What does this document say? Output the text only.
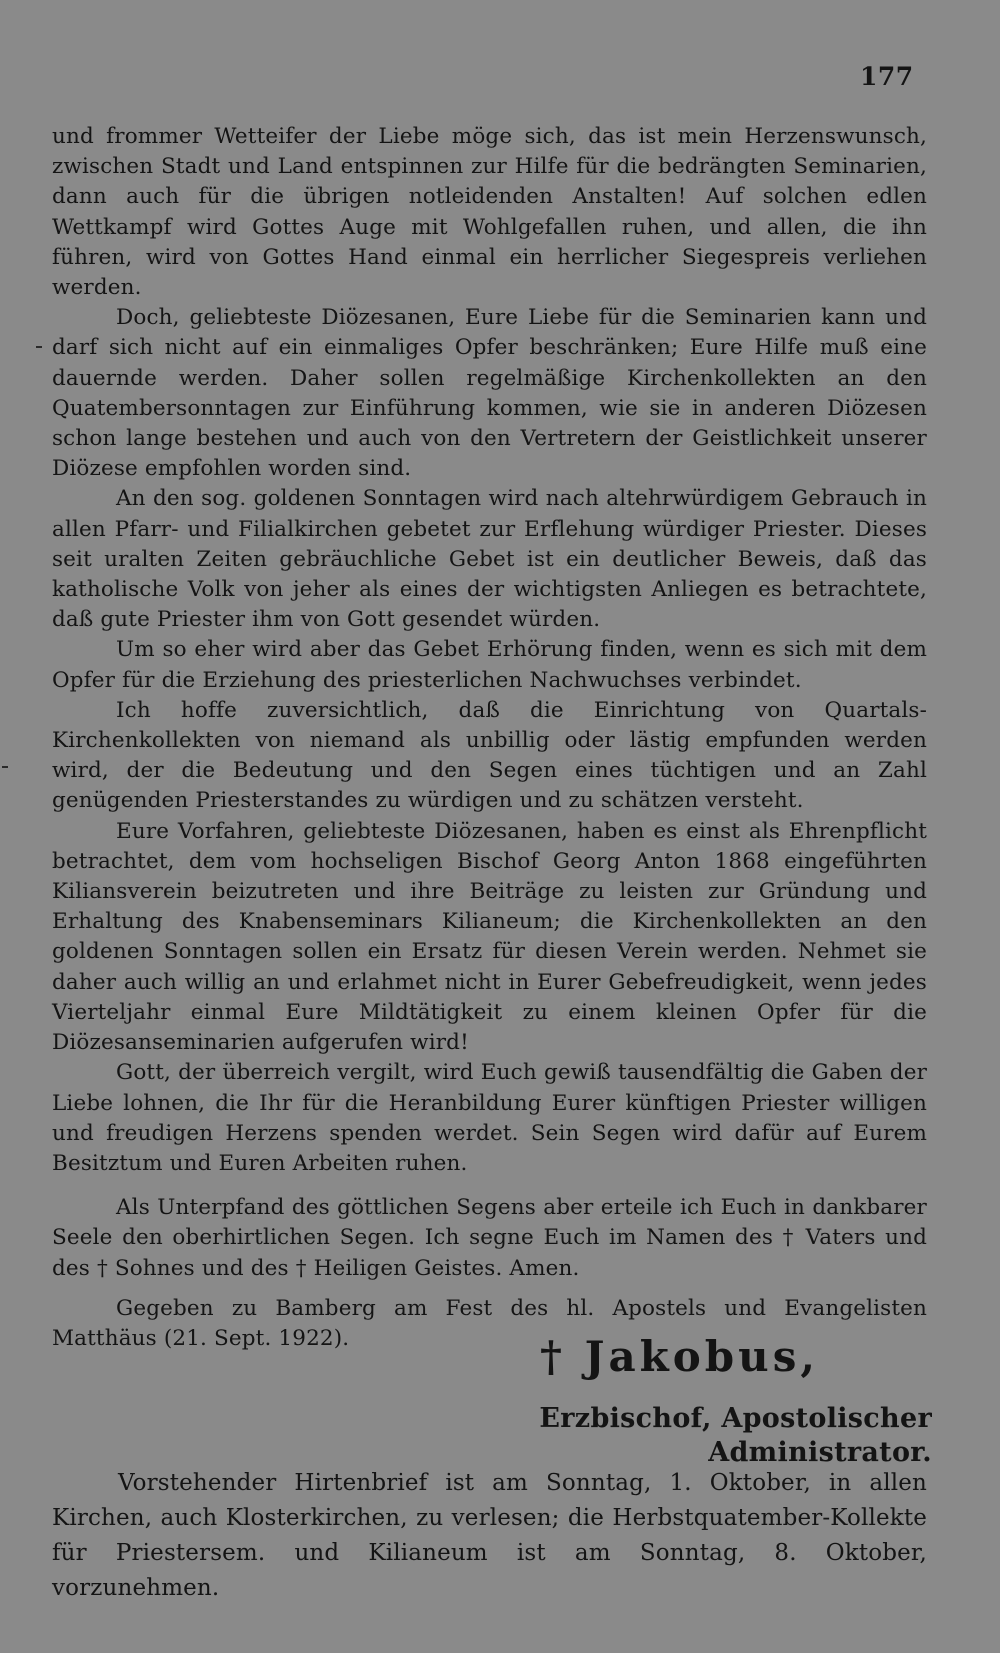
177

und frommer Wetteifer der Liebe möge sich, das ist mein Herzenswunsch, zwischen Stadt und Land entspinnen zur Hilfe für die bedrängten Seminarien, dann auch für die übrigen notleidenden Anstalten! Auf solchen edlen Wettkampf wird Gottes Auge mit Wohlgefallen ruhen, und allen, die ihn führen, wird von Gottes Hand einmal ein herrlicher Siegespreis verliehen werden.

Doch, geliebteste Diözesanen, Eure Liebe für die Seminarien kann und darf sich nicht auf ein einmaliges Opfer beschränken; Eure Hilfe muß eine dauernde werden. Daher sollen regelmäßige Kirchenkollekten an den Quatembersonntagen zur Einführung kommen, wie sie in anderen Diözesen schon lange bestehen und auch von den Vertretern der Geistlichkeit unserer Diözese empfohlen worden sind.

An den sog. goldenen Sonntagen wird nach altehrwürdigem Gebrauch in allen Pfarr- und Filialkirchen gebetet zur Erflehung würdiger Priester. Dieses seit uralten Zeiten gebräuchliche Gebet ist ein deutlicher Beweis, daß das katholische Volk von jeher als eines der wichtigsten Anliegen es betrachtete, daß gute Priester ihm von Gott gesendet würden.

Um so eher wird aber das Gebet Erhörung finden, wenn es sich mit dem Opfer für die Erziehung des priesterlichen Nachwuchses verbindet.

Ich hoffe zuversichtlich, daß die Einrichtung von Quartals-Kirchenkollekten von niemand als unbillig oder lästig empfunden werden wird, der die Bedeutung und den Segen eines tüchtigen und an Zahl genügenden Priesterstandes zu würdigen und zu schätzen versteht.

Eure Vorfahren, geliebteste Diözesanen, haben es einst als Ehrenpflicht betrachtet, dem vom hochseligen Bischof Georg Anton 1868 eingeführten Kiliansverein beizutreten und ihre Beiträge zu leisten zur Gründung und Erhaltung des Knabenseminars Kilianeum; die Kirchenkollekten an den goldenen Sonntagen sollen ein Ersatz für diesen Verein werden. Nehmet sie daher auch willig an und erlahmet nicht in Eurer Gebefreudigkeit, wenn jedes Vierteljahr einmal Eure Mildtätigkeit zu einem kleinen Opfer für die Diözesanseminarien aufgerufen wird!

Gott, der überreich vergilt, wird Euch gewiß tausendfältig die Gaben der Liebe lohnen, die Ihr für die Heranbildung Eurer künftigen Priester willigen und freudigen Herzens spenden werdet. Sein Segen wird dafür auf Eurem Besitztum und Euren Arbeiten ruhen.

Als Unterpfand des göttlichen Segens aber erteile ich Euch in dankbarer Seele den oberhirtlichen Segen. Ich segne Euch im Namen des † Vaters und des † Sohnes und des † Heiligen Geistes. Amen.

Gegeben zu Bamberg am Fest des hl. Apostels und Evangelisten Matthäus (21. Sept. 1922).	† Jakobus,
Erzbischof, Apostolischer Administrator.

Vorstehender Hirtenbrief ist am Sonntag, 1. Oktober, in allen Kirchen, auch Klosterkirchen, zu verlesen; die Herbstquatember-Kollekte für Priestersem. und Kilianeum ist am Sonntag, 8. Oktober, vorzunehmen.
